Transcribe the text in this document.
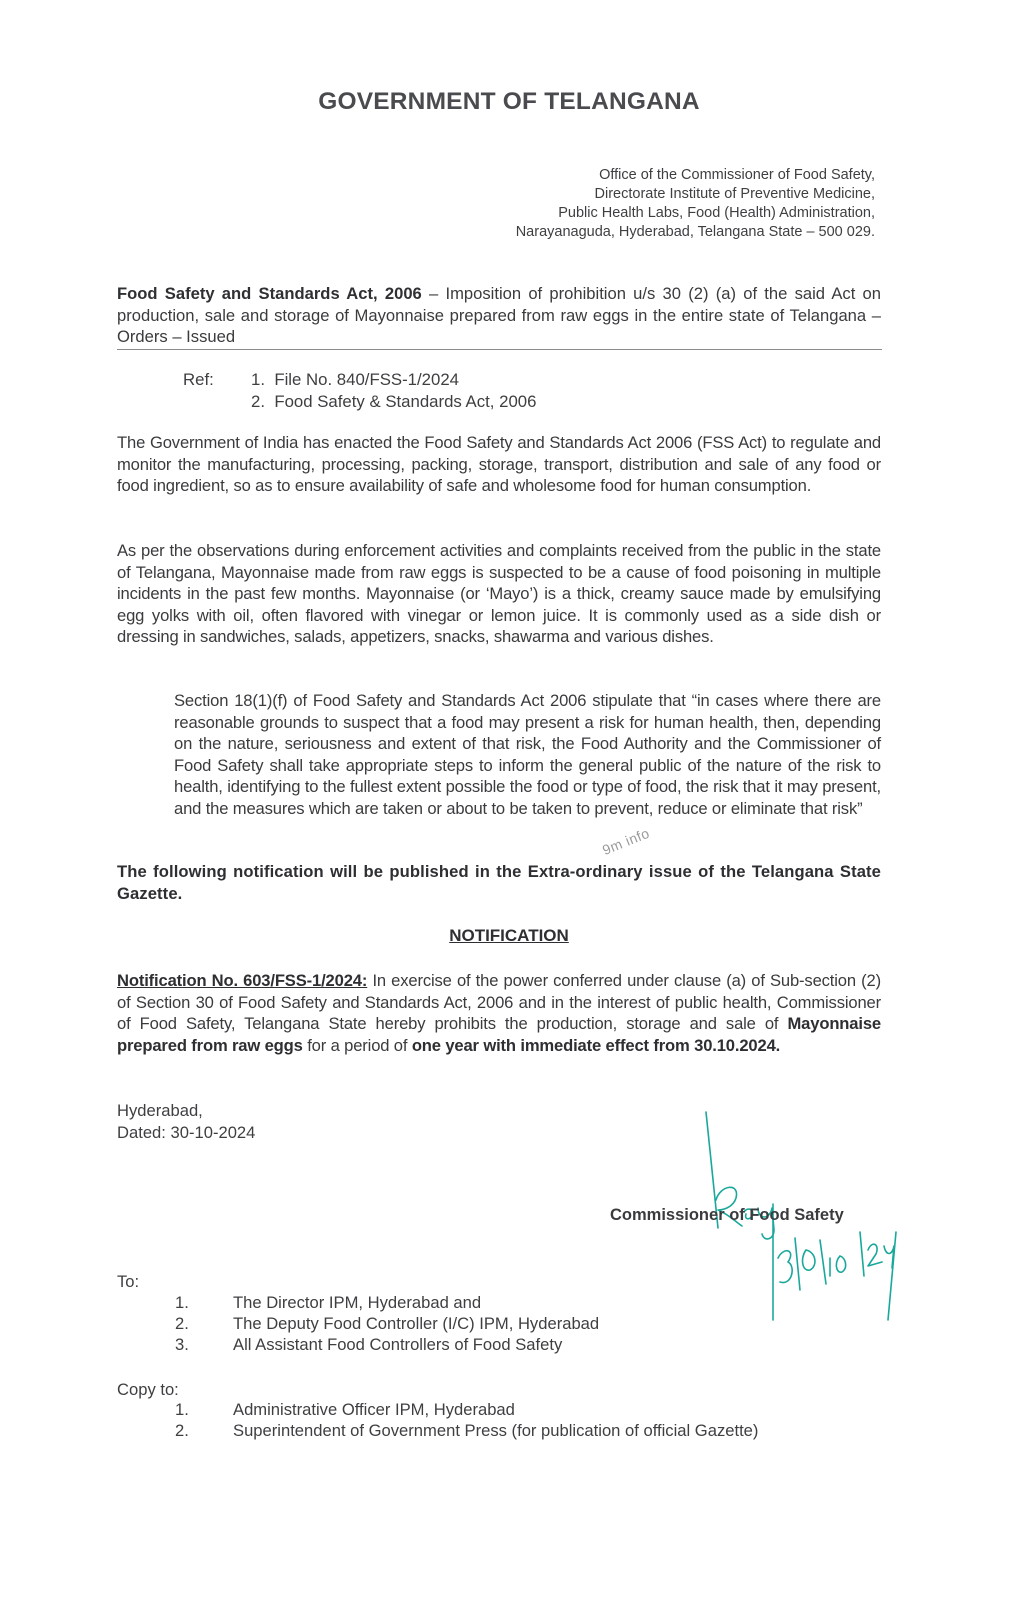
GOVERNMENT OF TELANGANA
Office of the Commissioner of Food Safety,
Directorate Institute of Preventive Medicine,
Public Health Labs, Food (Health) Administration,
Narayanaguda, Hyderabad, Telangana State – 500 029.
Food Safety and Standards Act, 2006 – Imposition of prohibition u/s 30 (2) (a) of the said Act on production, sale and storage of Mayonnaise prepared from raw eggs in the entire state of Telangana – Orders – Issued
Ref: 1.  File No. 840/FSS-1/2024
2.  Food Safety & Standards Act, 2006
The Government of India has enacted the Food Safety and Standards Act 2006 (FSS Act) to regulate and monitor the manufacturing, processing, packing, storage, transport, distribution and sale of any food or food ingredient, so as to ensure availability of safe and wholesome food for human consumption.
As per the observations during enforcement activities and complaints received from the public in the state of Telangana, Mayonnaise made from raw eggs is suspected to be a cause of food poisoning in multiple incidents in the past few months. Mayonnaise (or ‘Mayo’) is a thick, creamy sauce made by emulsifying egg yolks with oil, often flavored with vinegar or lemon juice. It is commonly used as a side dish or dressing in sandwiches, salads, appetizers, snacks, shawarma and various dishes.
Section 18(1)(f) of Food Safety and Standards Act 2006 stipulate that “in cases where there are reasonable grounds to suspect that a food may present a risk for human health, then, depending on the nature, seriousness and extent of that risk, the Food Authority and the Commissioner of Food Safety shall take appropriate steps to inform the general public of the nature of the risk to health, identifying to the fullest extent possible the food or type of food, the risk that it may present, and the measures which are taken or about to be taken to prevent, reduce or eliminate that risk”
The following notification will be published in the Extra-ordinary issue of the Telangana State Gazette.
NOTIFICATION
Notification No. 603/FSS-1/2024: In exercise of the power conferred under clause (a) of Sub-section (2) of Section 30 of Food Safety and Standards Act, 2006 and in the interest of public health, Commissioner of Food Safety, Telangana State hereby prohibits the production, storage and sale of Mayonnaise prepared from raw eggs for a period of one year with immediate effect from 30.10.2024.
Hyderabad,
Dated: 30-10-2024
Commissioner of Food Safety
To:
1.	The Director IPM, Hyderabad and
2.	The Deputy Food Controller (I/C) IPM, Hyderabad
3.	All Assistant Food Controllers of Food Safety
Copy to:
1.	Administrative Officer IPM, Hyderabad
2.	Superintendent of Government Press (for publication of official Gazette)
9m info
